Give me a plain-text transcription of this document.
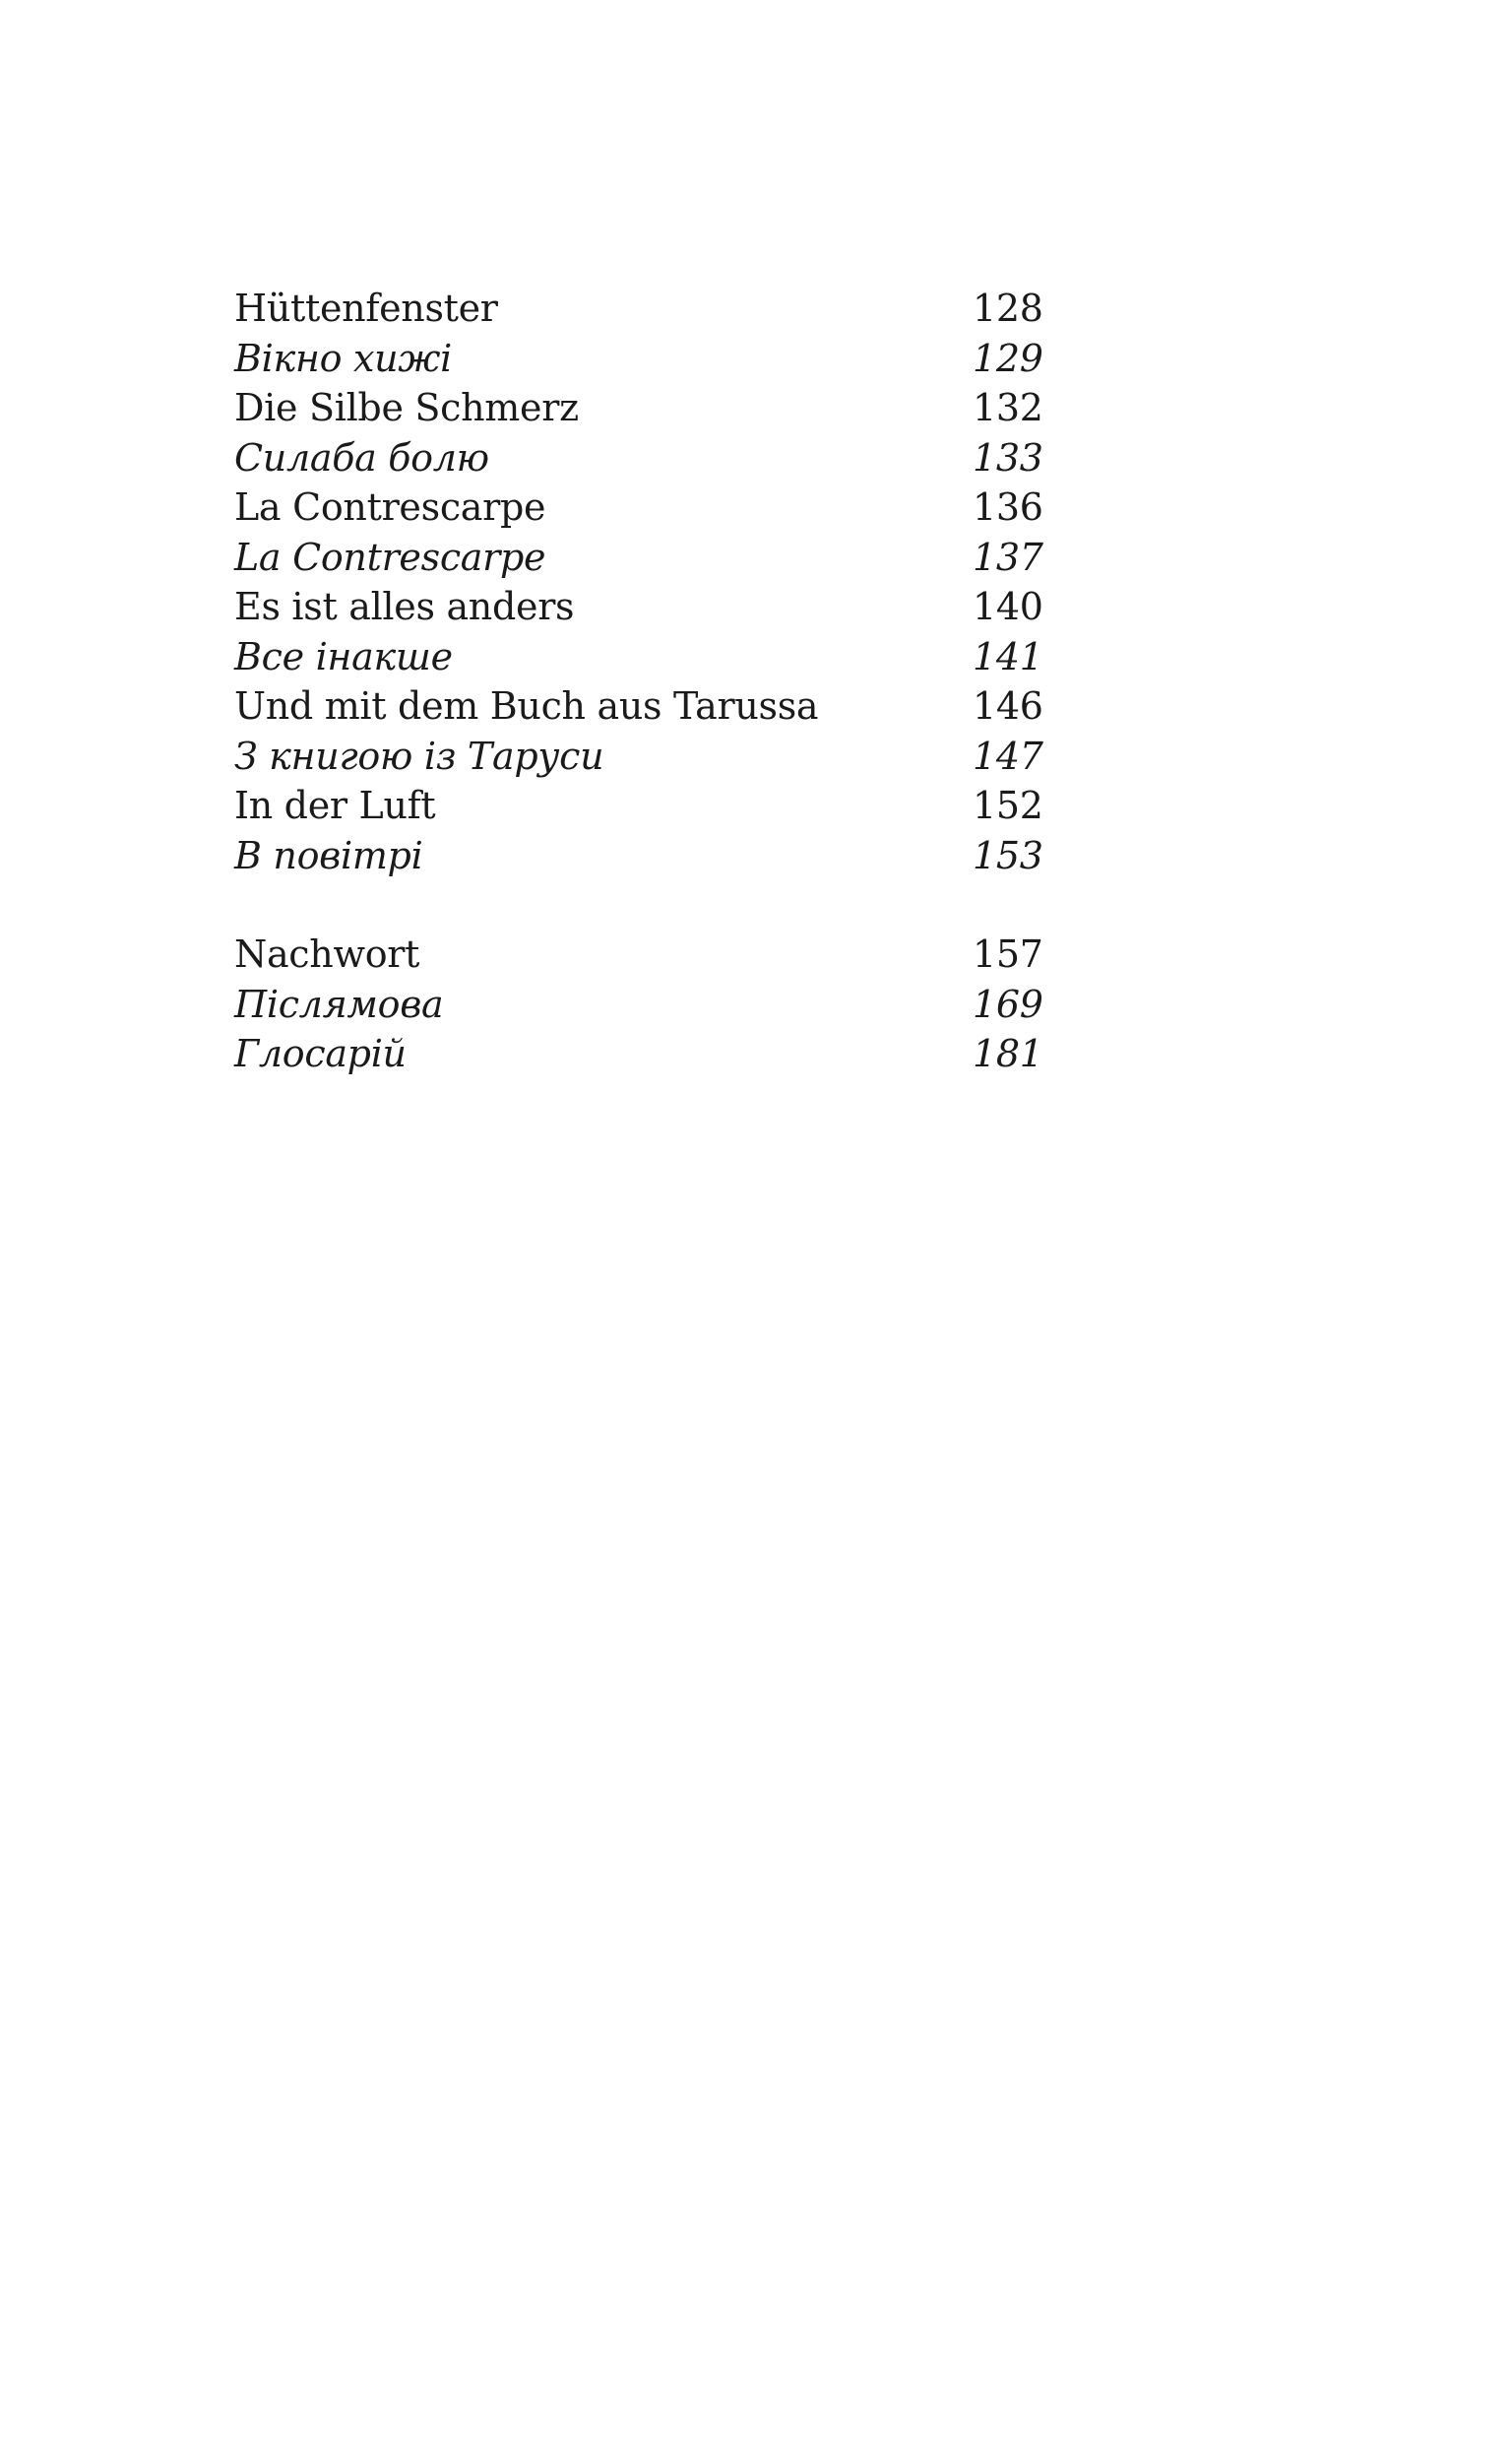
Hüttenfenster	128
Вікно хижі	129
Die Silbe Schmerz	132
Силаба болю	133
La Contrescarpe	136
La Contrescarpe	137
Es ist alles anders	140
Все інакше	141
Und mit dem Buch aus Tarussa	146
З книгою із Таруси	147
In der Luft	152
В повітрі	153
Nachwort	157
Післямова	169
Глосарій	181
